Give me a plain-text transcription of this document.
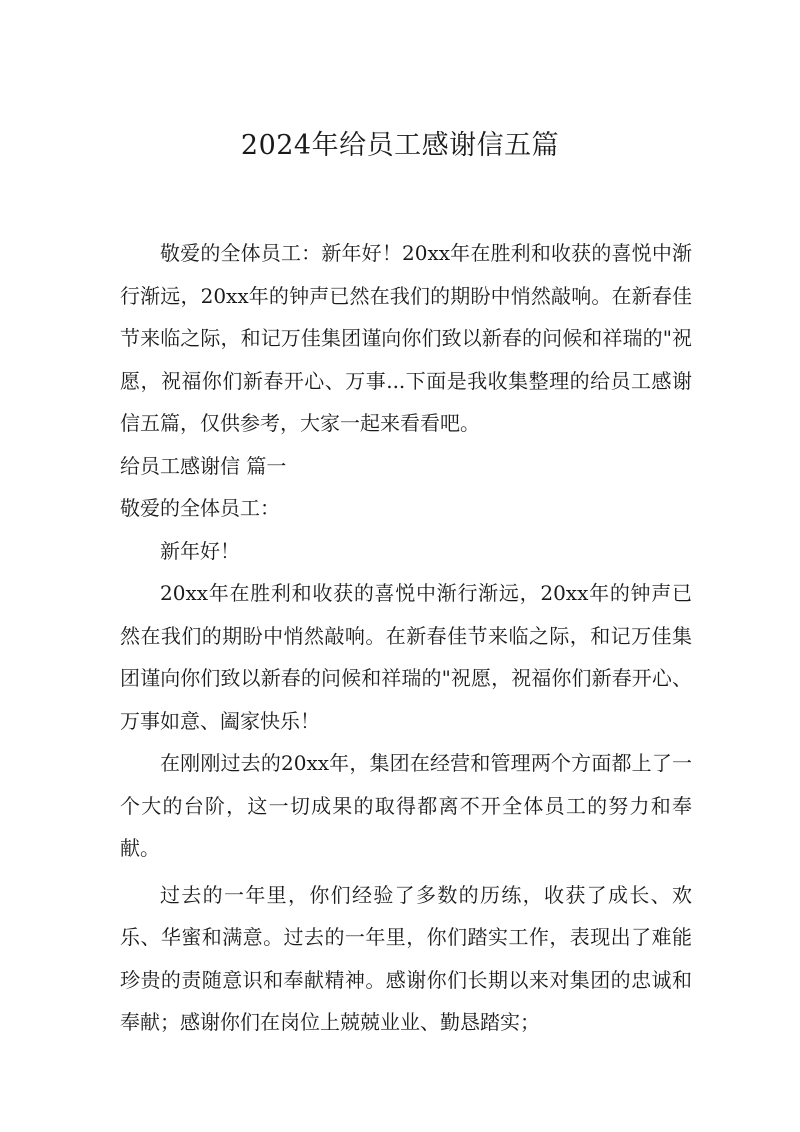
2024年给员工感谢信五篇

敬爱的全体员工：新年好！20xx年在胜利和收获的喜悦中渐行渐远，20xx年的钟声已然在我们的期盼中悄然敲响。在新春佳节来临之际，和记万佳集团谨向你们致以新春的问候和祥瑞的"祝愿，祝福你们新春开心、万事...下面是我收集整理的给员工感谢信五篇，仅供参考，大家一起来看看吧。

给员工感谢信 篇一

敬爱的全体员工：

新年好！

20xx年在胜利和收获的喜悦中渐行渐远，20xx年的钟声已然在我们的期盼中悄然敲响。在新春佳节来临之际，和记万佳集团谨向你们致以新春的问候和祥瑞的"祝愿，祝福你们新春开心、万事如意、阖家快乐！

在刚刚过去的20xx年，集团在经营和管理两个方面都上了一个大的台阶，这一切成果的取得都离不开全体员工的努力和奉献。

过去的一年里，你们经验了多数的历练，收获了成长、欢乐、华蜜和满意。过去的一年里，你们踏实工作，表现出了难能珍贵的责随意识和奉献精神。感谢你们长期以来对集团的忠诚和奉献；感谢你们在岗位上兢兢业业、勤恳踏实；
